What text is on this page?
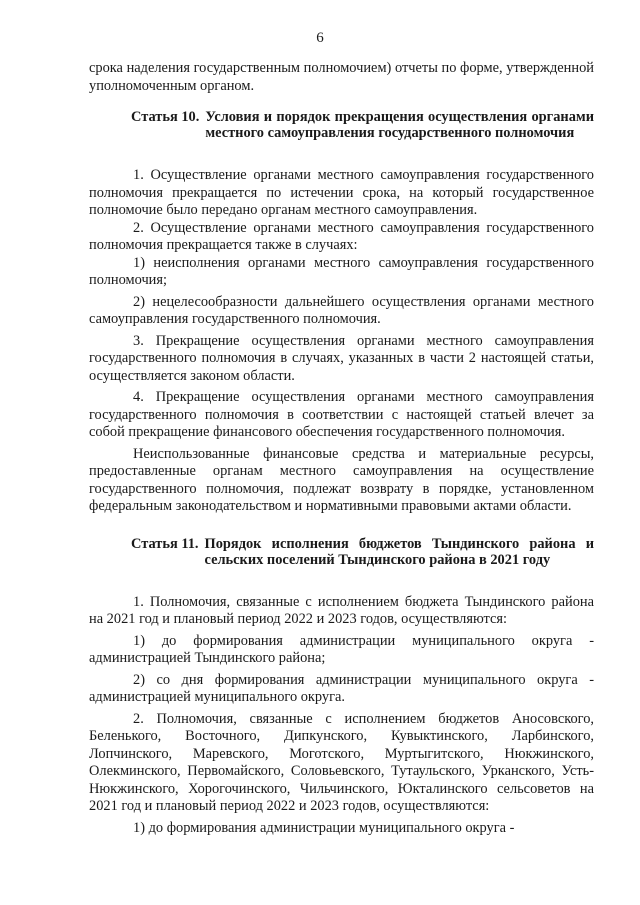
6

срока наделения государственным полномочием) отчеты по форме, утвержденной уполномоченным органом.

Статья 10. Условия и порядок прекращения осуществления органами местного самоуправления государственного полномочия

1. Осуществление органами местного самоуправления государственного полномочия прекращается по истечении срока, на который государственное полномочие было передано органам местного самоуправления.

2. Осуществление органами местного самоуправления государственного полномочия прекращается также в случаях:

1) неисполнения органами местного самоуправления государственного полномочия;

2) нецелесообразности дальнейшего осуществления органами местного самоуправления государственного полномочия.

3. Прекращение осуществления органами местного самоуправления государственного полномочия в случаях, указанных в части 2 настоящей статьи, осуществляется законом области.

4. Прекращение осуществления органами местного самоуправления государственного полномочия в соответствии с настоящей статьей влечет за собой прекращение финансового обеспечения государственного полномочия.

Неиспользованные финансовые средства и материальные ресурсы, предоставленные органам местного самоуправления на осуществление государственного полномочия, подлежат возврату в порядке, установленном федеральным законодательством и нормативными правовыми актами области.

Статья 11. Порядок исполнения бюджетов Тындинского района и сельских поселений Тындинского района в 2021 году

1. Полномочия, связанные с исполнением бюджета Тындинского района на 2021 год и плановый период 2022 и 2023 годов, осуществляются:

1) до формирования администрации муниципального округа - администрацией Тындинского района;

2) со дня формирования администрации муниципального округа - администрацией муниципального округа.

2. Полномочия, связанные с исполнением бюджетов Аносовского, Беленького, Восточного, Дипкунского, Кувыктинского, Ларбинского, Лопчинского, Маревского, Моготского, Муртыгитского, Нюкжинского, Олекминского, Первомайского, Соловьевского, Тутаульского, Урканского, Усть-Нюкжинского, Хорогочинского, Чильчинского, Юкталинского сельсоветов на 2021 год и плановый период 2022 и 2023 годов, осуществляются:

1) до формирования администрации муниципального округа -
